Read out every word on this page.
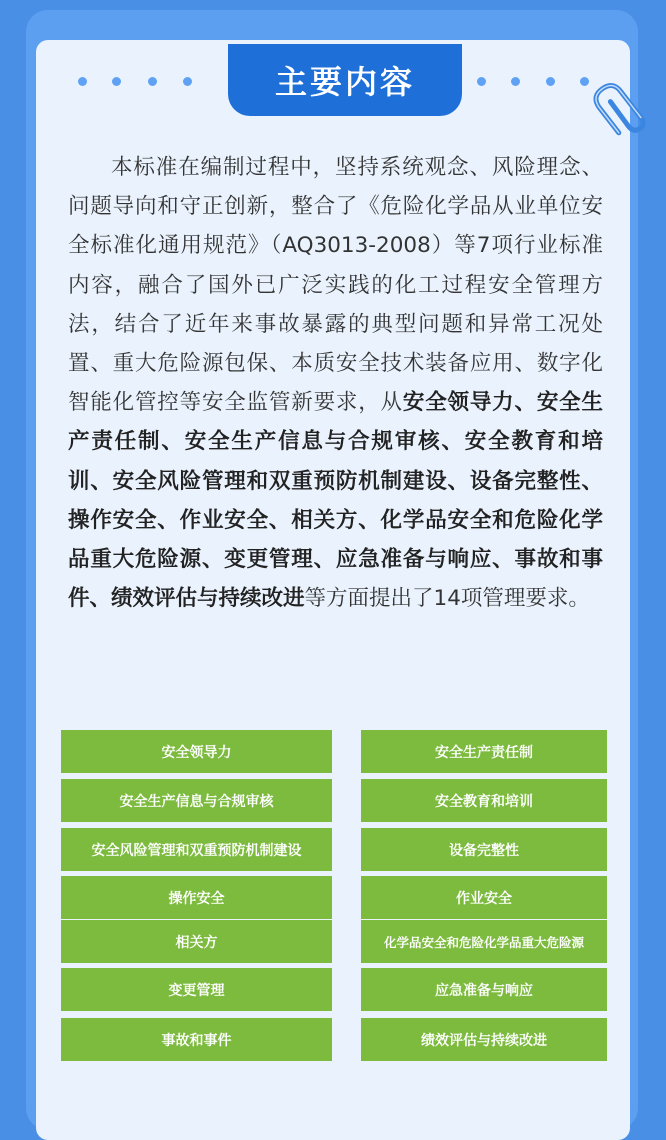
主要内容

本标准在编制过程中，坚持系统观念、风险理念、问题导向和守正创新，整合了《危险化学品从业单位安全标准化通用规范》（AQ3013-2008）等7项行业标准内容，融合了国外已广泛实践的化工过程安全管理方法，结合了近年来事故暴露的典型问题和异常工况处置、重大危险源包保、本质安全技术装备应用、数字化智能化管控等安全监管新要求，从安全领导力、安全生产责任制、安全生产信息与合规审核、安全教育和培训、安全风险管理和双重预防机制建设、设备完整性、操作安全、作业安全、相关方、化学品安全和危险化学品重大危险源、变更管理、应急准备与响应、事故和事件、绩效评估与持续改进等方面提出了14项管理要求。

安全领导力	安全生产责任制
安全生产信息与合规审核	安全教育和培训
安全风险管理和双重预防机制建设	设备完整性
操作安全	作业安全
相关方	化学品安全和危险化学品重大危险源
变更管理	应急准备与响应
事故和事件	绩效评估与持续改进
